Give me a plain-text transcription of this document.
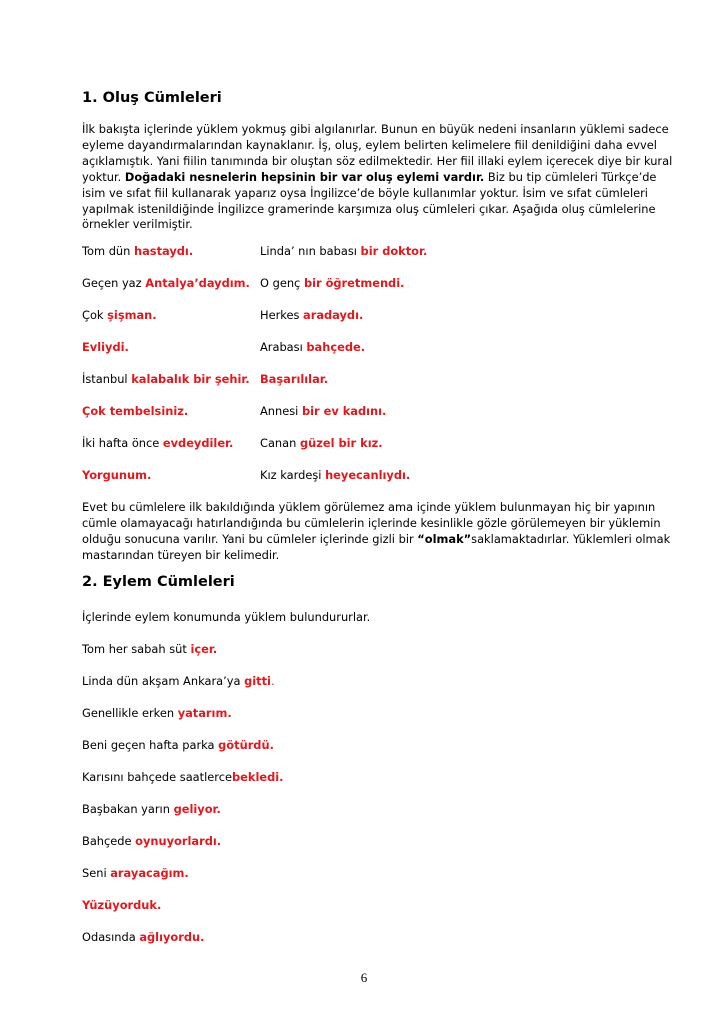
1. Oluş Cümleleri
İlk bakışta içlerinde yüklem yokmuş gibi algılanırlar. Bunun en büyük nedeni insanların yüklemi sadece
eyleme dayandırmalarından kaynaklanır. İş, oluş, eylem belirten kelimelere fiil denildiğini daha evvel
açıklamıştık. Yani fiilin tanımında bir oluştan söz edilmektedir. Her fiil illaki eylem içerecek diye bir kural
yoktur. Doğadaki nesnelerin hepsinin bir var oluş eylemi vardır. Biz bu tip cümleleri Türkçe’de
isim ve sıfat fiil kullanarak yaparız oysa İngilizce’de böyle kullanımlar yoktur. İsim ve sıfat cümleleri
yapılmak istenildiğinde İngilizce gramerinde karşımıza oluş cümleleri çıkar. Aşağıda oluş cümlelerine
örnekler verilmiştir.
Tom dün hastaydı.
Geçen yaz Antalya’daydım.
Çok şişman.
Evliydi.
İstanbul kalabalık bir şehir.
Çok tembelsiniz.
İki hafta önce evdeydiler.
Yorgunum.
Linda’ nın babası bir doktor.
O genç bir öğretmendi.
Herkes aradaydı.
Arabası bahçede.
Başarılılar.
Annesi bir ev kadını.
Canan güzel bir kız.
Kız kardeşi heyecanlıydı.
Evet bu cümlelere ilk bakıldığında yüklem görülemez ama içinde yüklem bulunmayan hiç bir yapının
cümle olamayacağı hatırlandığında bu cümlelerin içlerinde kesinlikle gözle görülemeyen bir yüklemin
olduğu sonucuna varılır. Yani bu cümleler içlerinde gizli bir “olmak”saklamaktadırlar. Yüklemleri olmak
mastarından türeyen bir kelimedir.
2. Eylem Cümleleri
İçlerinde eylem konumunda yüklem bulundururlar.
Tom her sabah süt içer.
Linda dün akşam Ankara’ya gitti.
Genellikle erken yatarım.
Beni geçen hafta parka götürdü.
Karısını bahçede saatlercebekledi.
Başbakan yarın geliyor.
Bahçede oynuyorlardı.
Seni arayacağım.
Yüzüyorduk.
Odasında ağlıyordu.
6
